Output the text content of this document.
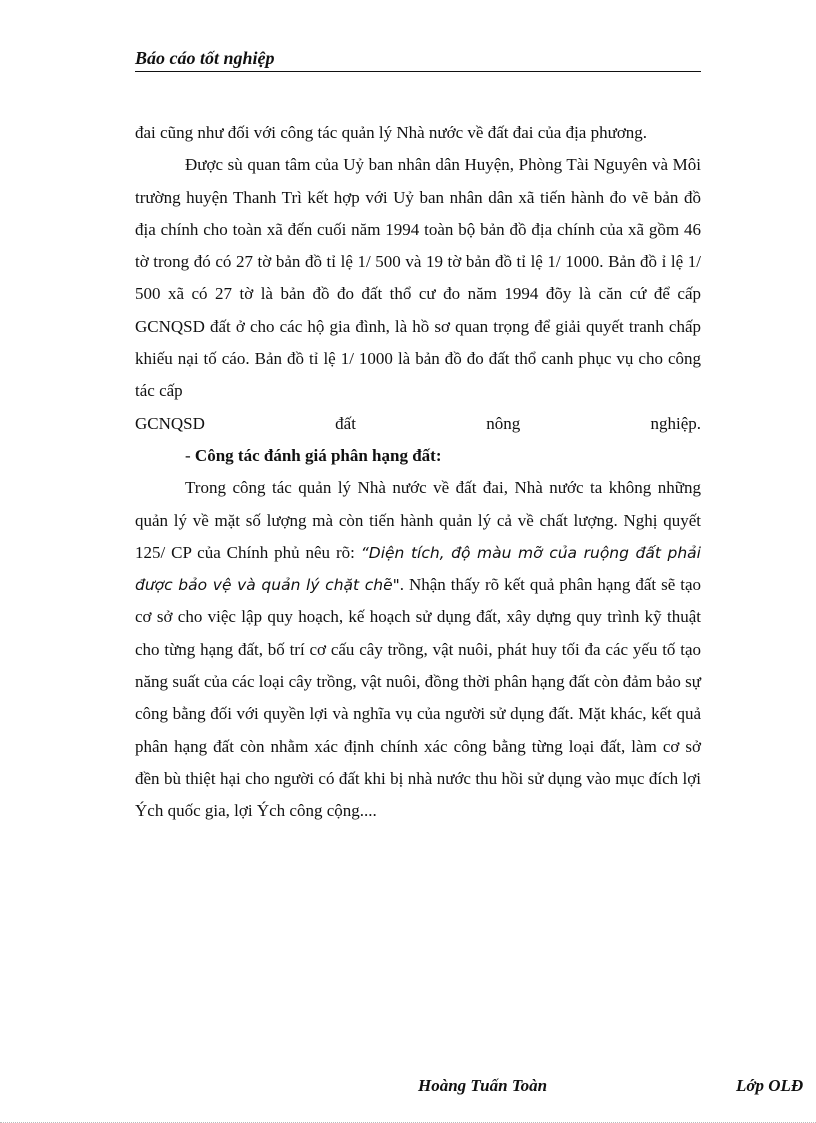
Báo cáo tốt nghiệp

đai cũng như đối với công tác quản lý Nhà nước về đất đai của địa phương.

Được sù quan tâm của Uỷ ban nhân dân Huyện, Phòng Tài Nguyên và Môi trường huyện Thanh Trì kết hợp với Uỷ ban nhân dân xã tiến hành đo vẽ bản đồ địa chính cho toàn xã đến cuối năm 1994 toàn bộ bản đồ địa chính của xã gồm 46 tờ trong đó có 27 tờ bản đồ tỉ lệ 1/ 500 và 19 tờ bản đồ tỉ lệ 1/ 1000. Bản đồ ỉ lệ 1/ 500 xã có 27 tờ là bản đồ đo đất thổ cư đo năm 1994 đõy là căn cứ để cấp GCNQSD đất ở cho các hộ gia đình, là hồ sơ quan trọng để giải quyết tranh chấp khiếu nại tố cáo. Bản đồ tỉ lệ 1/ 1000 là bản đồ đo đất thổ canh phục vụ cho công tác cấp

GCNQSD đất nông nghiệp.

- Công tác đánh giá phân hạng đất:

Trong công tác quản lý Nhà nước về đất đai, Nhà nước ta không những quản lý về mặt số lượng mà còn tiến hành quản lý cả về chất lượng. Nghị quyết 125/ CP của Chính phủ nêu rõ: “Diện tích, độ màu mỡ của ruộng đất phải được bảo vệ và quản lý chặt chẽ". Nhận thấy rõ kết quả phân hạng đất sẽ tạo cơ sở cho việc lập quy hoạch, kế hoạch sử dụng đất, xây dựng quy trình kỹ thuật cho từng hạng đất, bố trí cơ cấu cây trồng, vật nuôi, phát huy tối đa các yếu tố tạo năng suất của các loại cây trồng, vật nuôi, đồng thời phân hạng đất còn đảm bảo sự công bằng đối với quyền lợi và nghĩa vụ của người sử dụng đất. Mặt khác, kết quả phân hạng đất còn nhằm xác định chính xác công bằng từng loại đất, làm cơ sở đền bù thiệt hại cho người có đất khi bị nhà nước thu hồi sử dụng vào mục đích lợi Ých quốc gia, lợi Ých công cộng....

Hoàng Tuấn Toàn	Lớp OLĐ
